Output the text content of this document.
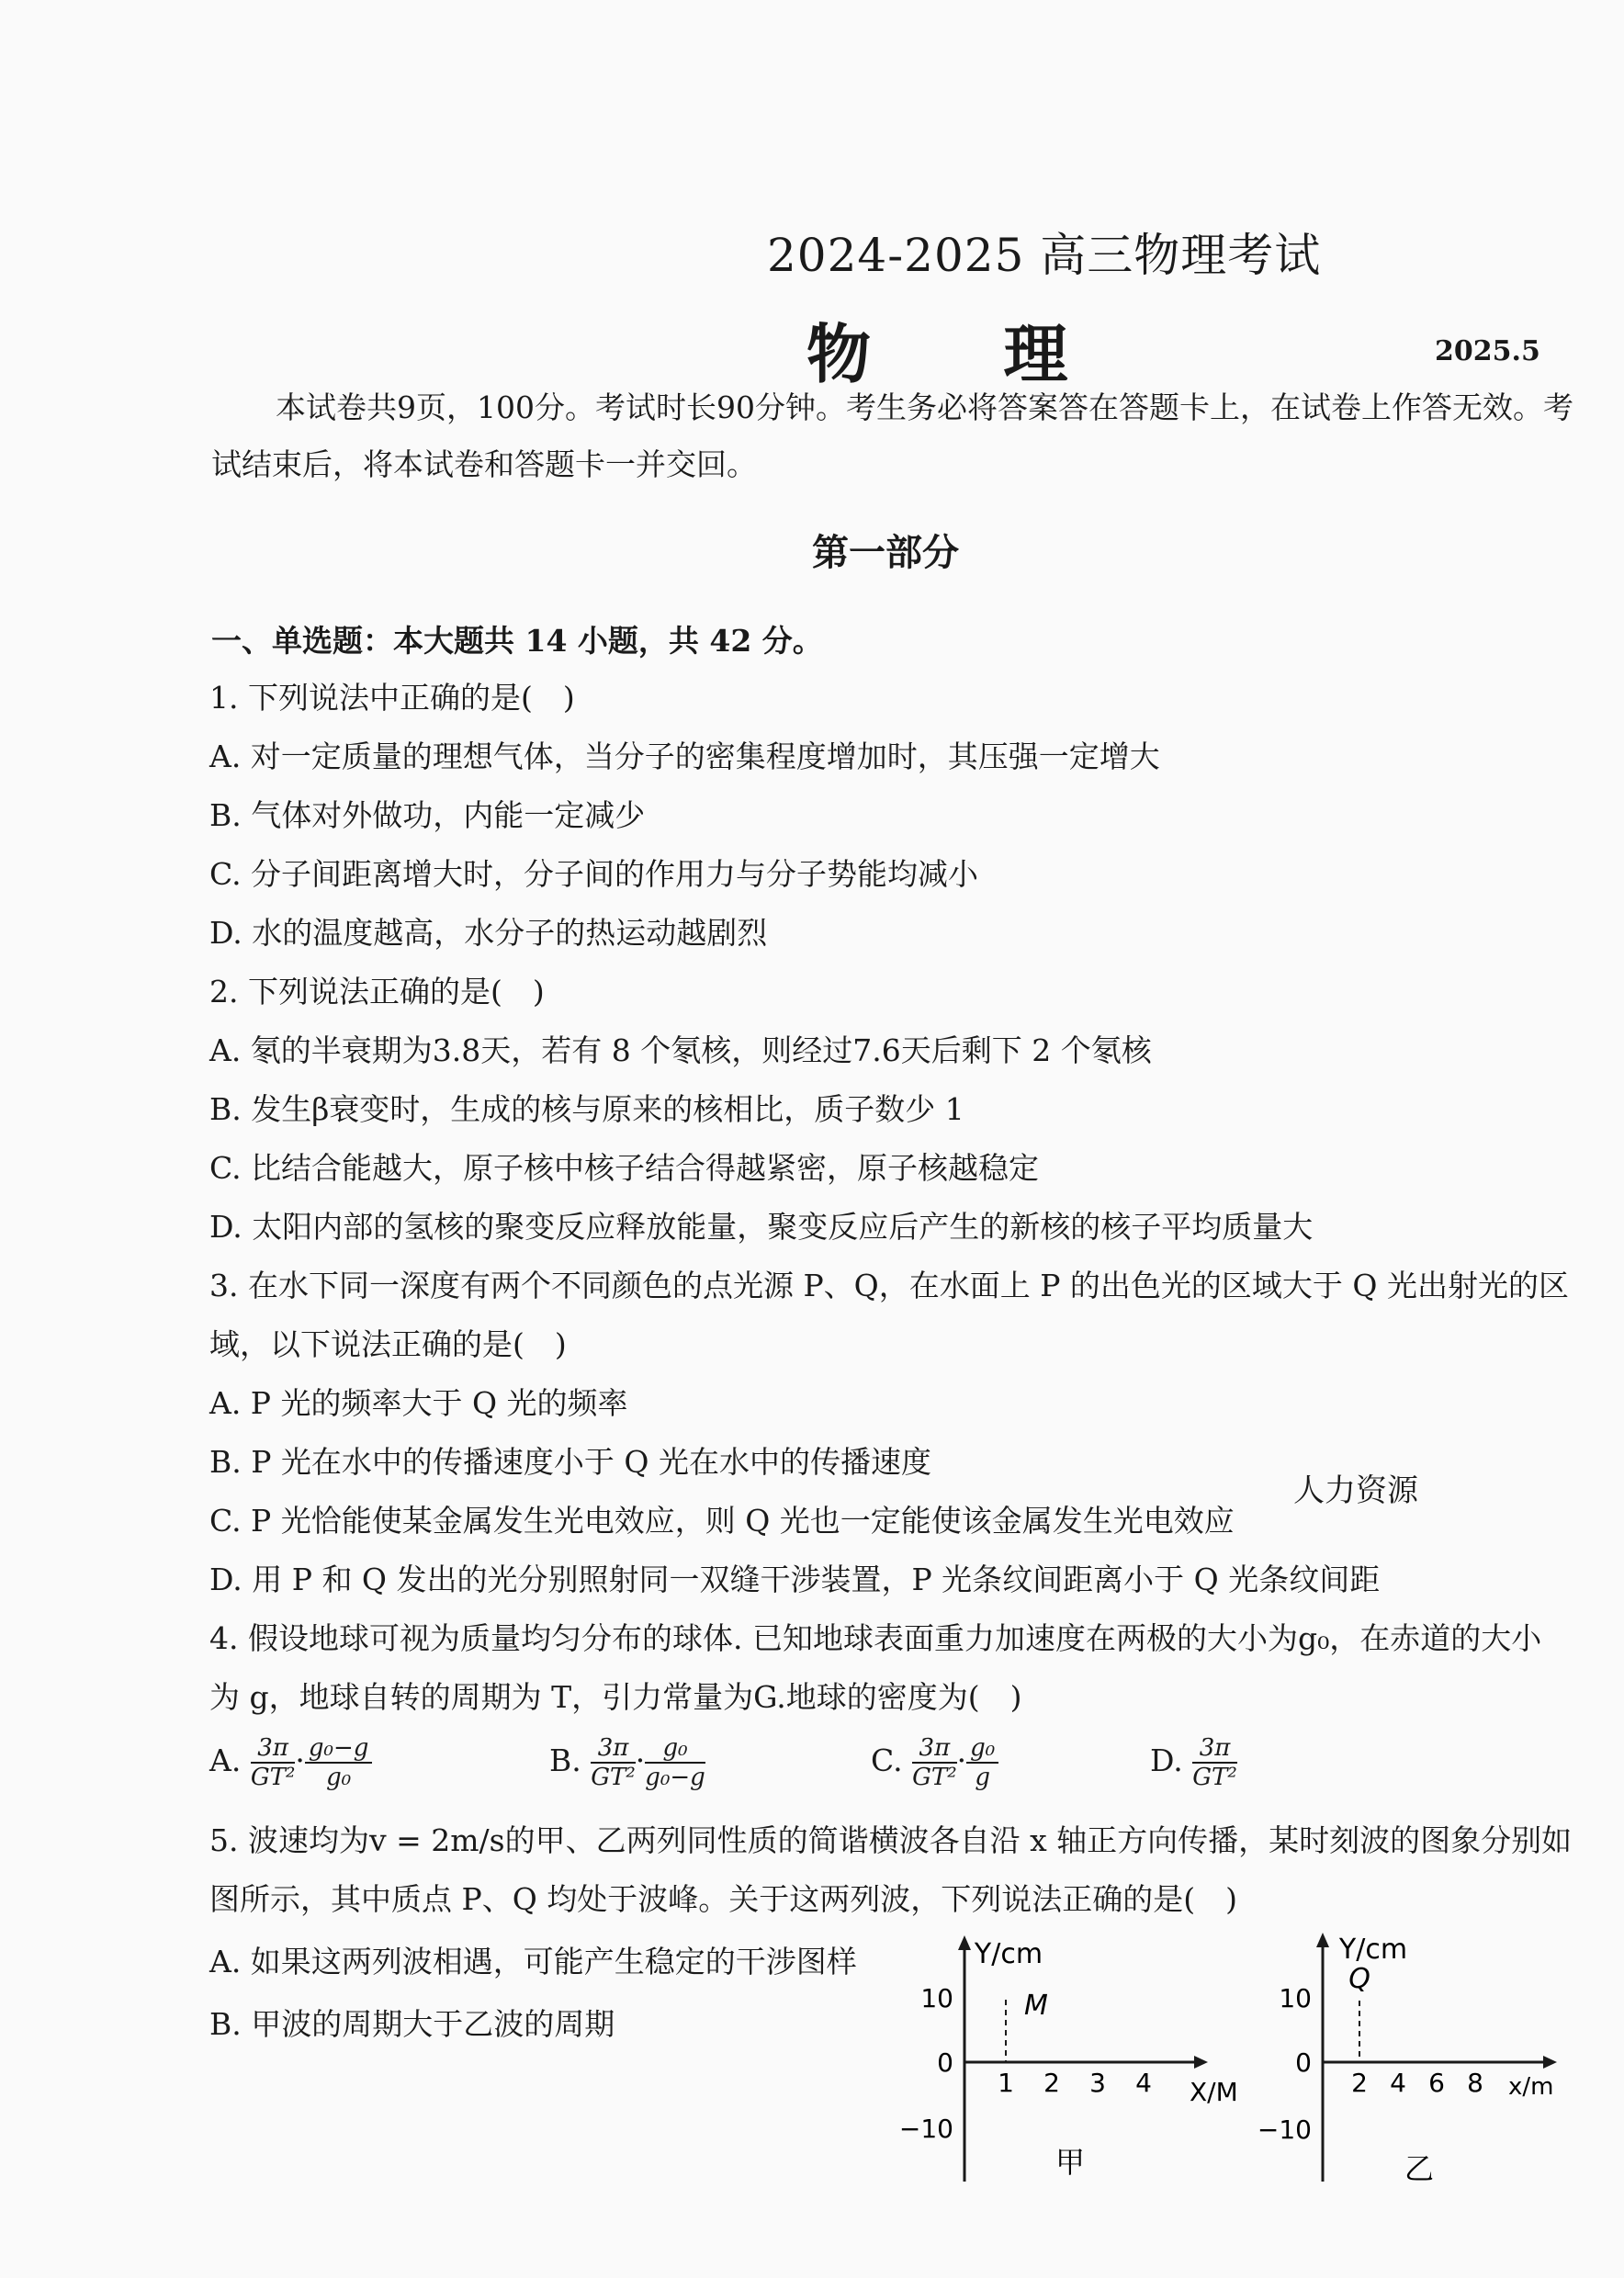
2024-2025 高三物理考试
物 理	2025.5
本试卷共9页，100分。考试时长90分钟。考生务必将答案答在答题卡上，在试卷上作答无效。考
试结束后，将本试卷和答题卡一并交回。
第一部分
一、单选题：本大题共 14 小题，共 42 分。
1. 下列说法中正确的是(　)
A. 对一定质量的理想气体，当分子的密集程度增加时，其压强一定增大
B. 气体对外做功，内能一定减少
C. 分子间距离增大时，分子间的作用力与分子势能均减小
D. 水的温度越高，水分子的热运动越剧烈
2. 下列说法正确的是(　)
A. 氡的半衰期为3.8天，若有 8 个氡核，则经过7.6天后剩下 2 个氡核
B. 发生β衰变时，生成的核与原来的核相比，质子数少 1
C. 比结合能越大，原子核中核子结合得越紧密，原子核越稳定
D. 太阳内部的氢核的聚变反应释放能量，聚变反应后产生的新核的核子平均质量大
3. 在水下同一深度有两个不同颜色的点光源 P、Q，在水面上 P 的出色光的区域大于 Q 光出射光的区
域，以下说法正确的是(　)
A. P 光的频率大于 Q 光的频率
B. P 光在水中的传播速度小于 Q 光在水中的传播速度
C. P 光恰能使某金属发生光电效应，则 Q 光也一定能使该金属发生光电效应
D. 用 P 和 Q 发出的光分别照射同一双缝干涉装置，P 光条纹间距离小于 Q 光条纹间距
人力资源
4. 假设地球可视为质量均匀分布的球体. 已知地球表面重力加速度在两极的大小为g₀，在赤道的大小
为 g，地球自转的周期为 T，引力常量为G.地球的密度为(　)
A. $\frac{3\pi}{\text{GT²}} \cdot \frac{\text{g₀−g}}{\text{g₀}}$	B. $\frac{3\pi}{\text{GT²}} \cdot \frac{\text{g₀}}{\text{g₀−g}}$	C. $\frac{3\pi}{\text{GT²}} \cdot \frac{\text{g₀}}{g}$	D. $\frac{3\pi}{\text{GT²}}$
5. 波速均为v = 2m/s的甲、乙两列同性质的简谐横波各自沿 x 轴正方向传播，某时刻波的图象分别如
图所示，其中质点 P、Q 均处于波峰。关于这两列波，下列说法正确的是(　)
A. 如果这两列波相遇，可能产生稳定的干涉图样
B. 甲波的周期大于乙波的周期
Y/cm
10
0
−10
M
1 2 3 4 X/M
甲
Y/cm
10
0
−10
Q
2 4 6 8 x/m
乙
